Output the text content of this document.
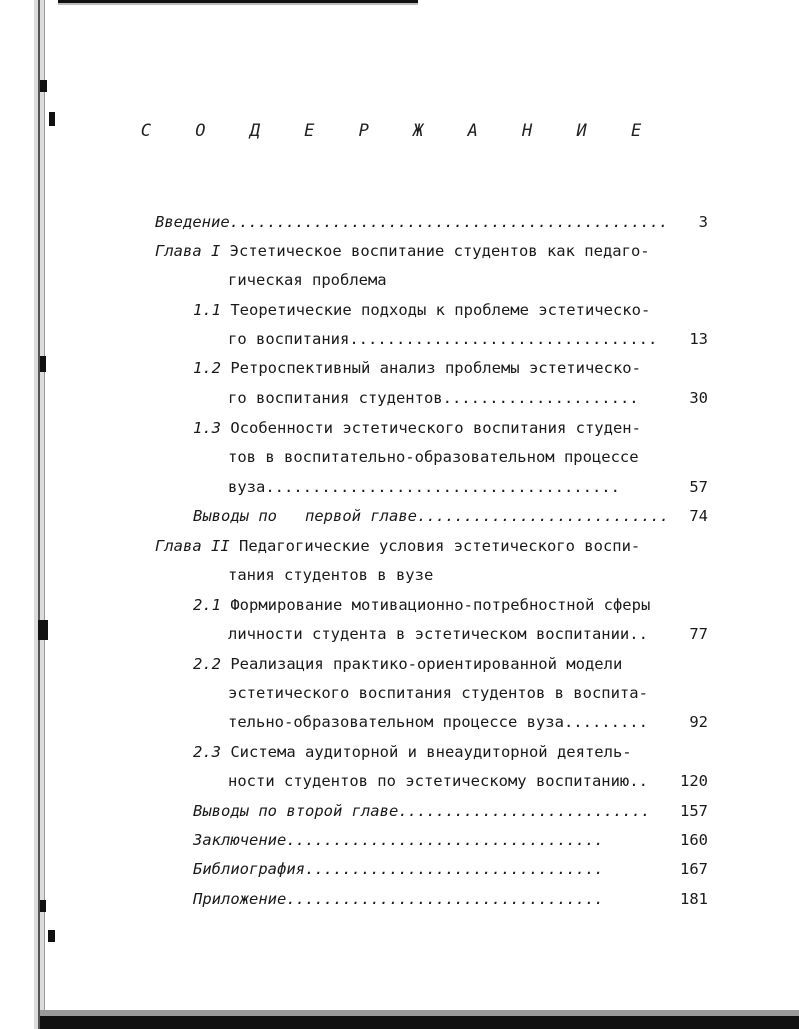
С О Д Е Р Ж А Н И Е
Введение...............................................	3
Глава I Эстетическое воспитание студентов как педаго-
гическая проблема
1.1 Теоретические подходы к проблеме эстетическо-
го воспитания.................................	13
1.2 Ретроспективный анализ проблемы эстетическо-
го воспитания студентов.....................	30
1.3 Особенности эстетического воспитания студен-
тов в воспитательно-образовательном процессе
вуза......................................	57
Выводы по первой главе...........................	74
Глава II Педагогические условия эстетического воспи-
тания студентов в вузе
2.1 Формирование мотивационно-потребностной сферы
личности студента в эстетическом воспитании..	77
2.2 Реализация практико-ориентированной модели
эстетического воспитания студентов в воспита-
тельно-образовательном процессе вуза.........	92
2.3 Система аудиторной и внеаудиторной деятель-
ности студентов по эстетическому воспитанию..	120
Выводы по второй главе...........................	157
Заключение..................................	160
Библиография................................	167
Приложение..................................	181
